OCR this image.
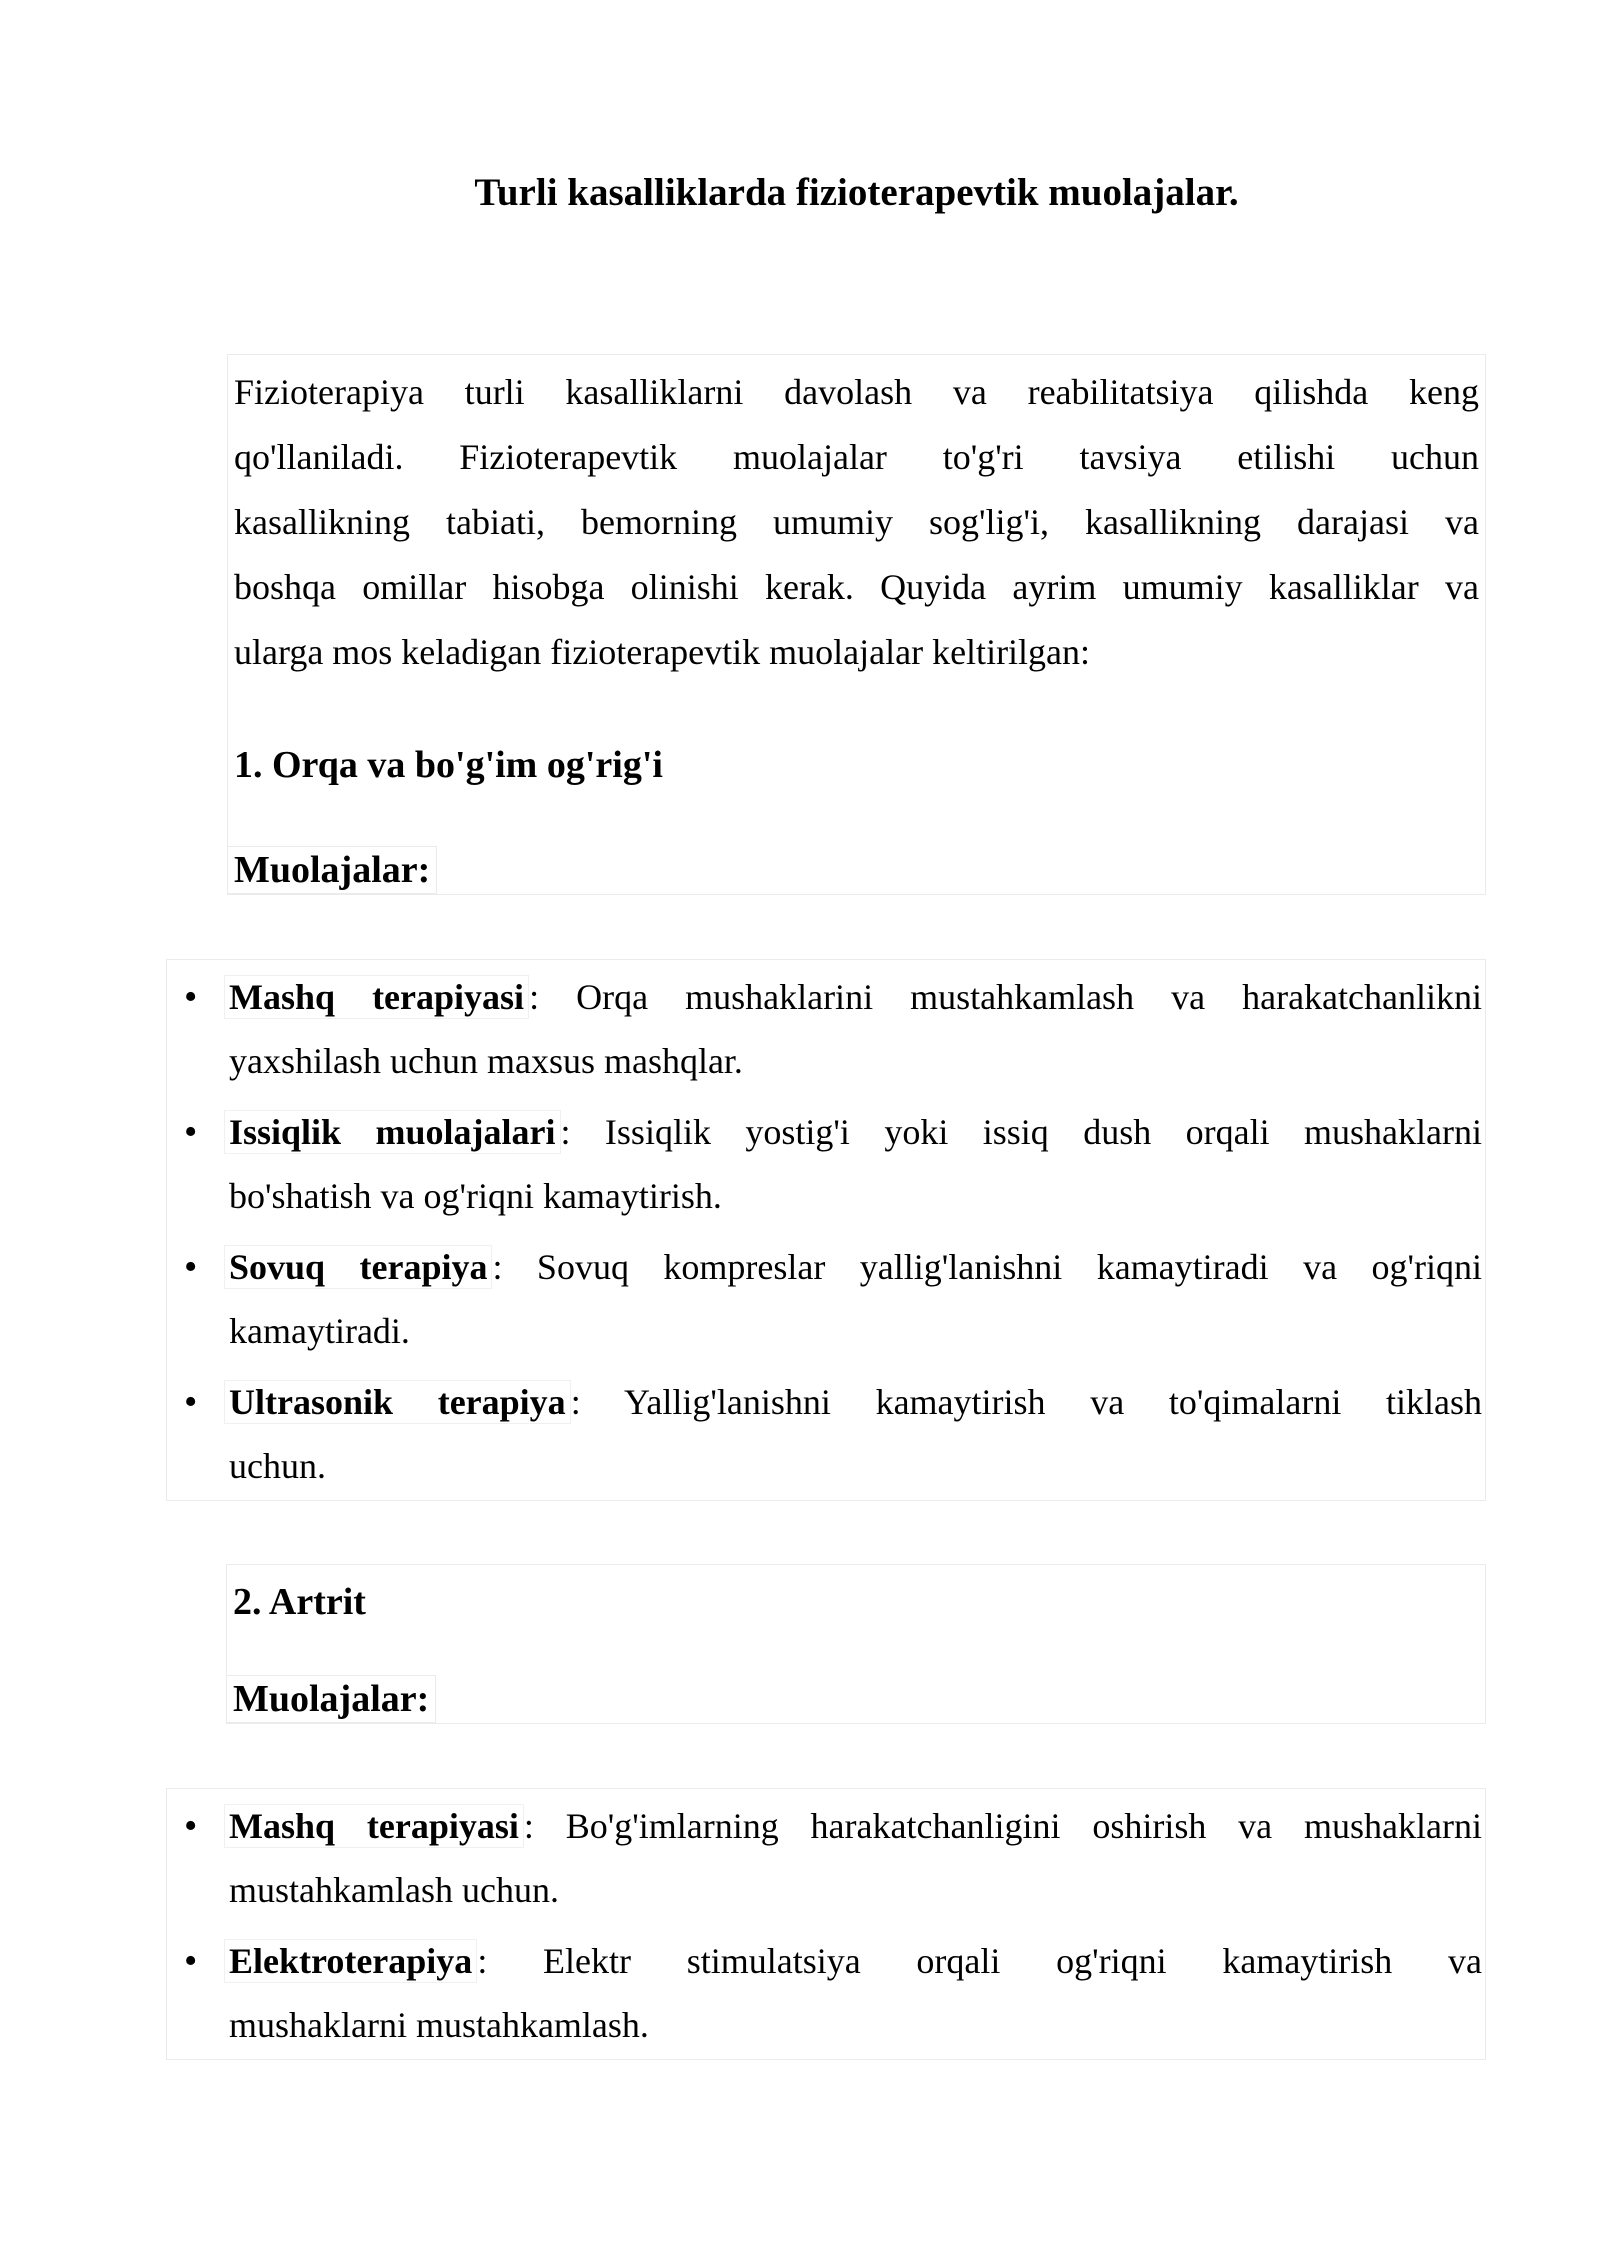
Turli kasalliklarda fizioterapevtik muolajalar.
Fizioterapiya turli kasalliklarni davolash va reabilitatsiya qilishda keng
qo'llaniladi. Fizioterapevtik muolajalar to'g'ri tavsiya etilishi uchun
kasallikning tabiati, bemorning umumiy sog'lig'i, kasallikning darajasi va
boshqa omillar hisobga olinishi kerak. Quyida ayrim umumiy kasalliklar va
ularga mos keladigan fizioterapevtik muolajalar keltirilgan:
1. Orqa va bo'g'im og'rig'i
Muolajalar:
• Mashq terapiyasi : Orqa mushaklarini mustahkamlash va harakatchanlikni
yaxshilash uchun maxsus mashqlar.
• Issiqlik muolajalari : Issiqlik yostig'i yoki issiq dush orqali mushaklarni
bo'shatish va og'riqni kamaytirish.
• Sovuq terapiya : Sovuq kompreslar yallig'lanishni kamaytiradi va og'riqni
kamaytiradi.
• Ultrasonik terapiya : Yallig'lanishni kamaytirish va to'qimalarni tiklash
uchun.
2. Artrit
Muolajalar:
• Mashq terapiyasi : Bo'g'imlarning harakatchanligini oshirish va mushaklarni
mustahkamlash uchun.
• Elektroterapiya : Elektr stimulatsiya orqali og'riqni kamaytirish va
mushaklarni mustahkamlash.
